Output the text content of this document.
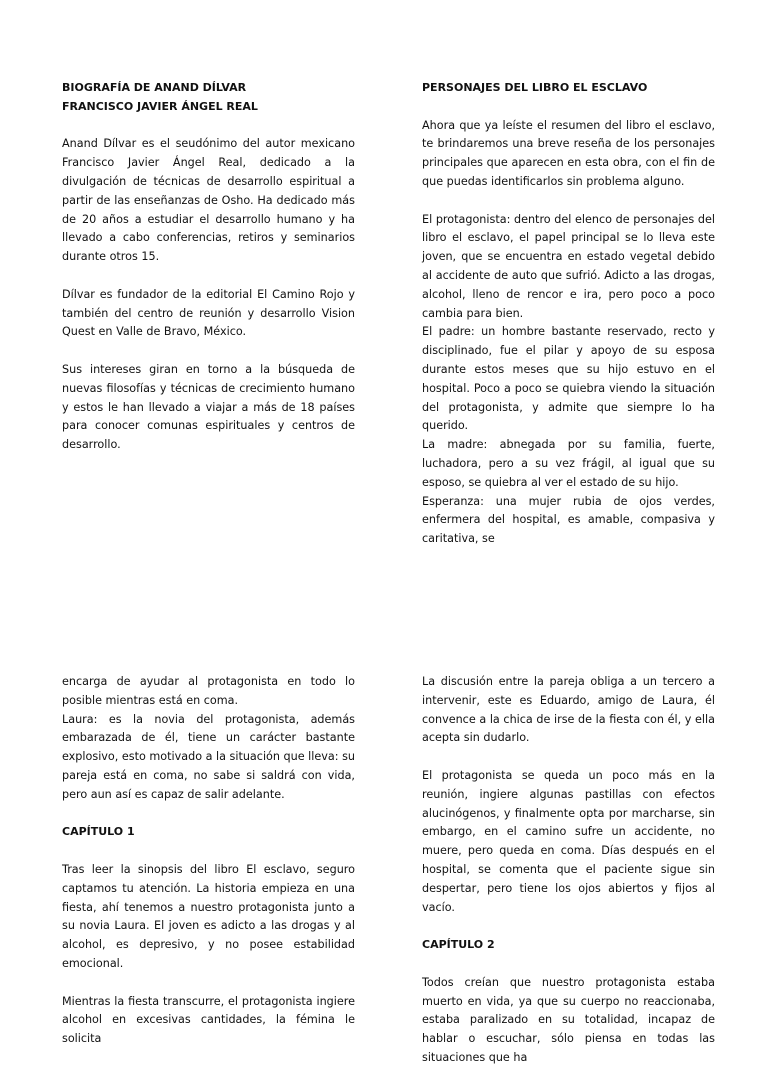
BIOGRAFÍA DE ANAND DÍLVAR

FRANCISCO JAVIER ÁNGEL REAL

Anand Dílvar es el seudónimo del autor mexicano Francisco Javier Ángel Real, dedicado a la divulgación de técnicas de desarrollo espiritual a partir de las enseñanzas de Osho. Ha dedicado más de 20 años a estudiar el desarrollo humano y ha llevado a cabo conferencias, retiros y seminarios durante otros 15.

Dílvar es fundador de la editorial El Camino Rojo y también del centro de reunión y desarrollo Vision Quest en Valle de Bravo, México.

Sus intereses giran en torno a la búsqueda de nuevas filosofías y técnicas de crecimiento humano y estos le han llevado a viajar a más de 18 países para conocer comunas espirituales y centros de desarrollo.

PERSONAJES DEL LIBRO EL ESCLAVO

Ahora que ya leíste el resumen del libro el esclavo, te brindaremos una breve reseña de los personajes principales que aparecen en esta obra, con el fin de que puedas identificarlos sin problema alguno.

El protagonista: dentro del elenco de personajes del libro el esclavo, el papel principal se lo lleva este joven, que se encuentra en estado vegetal debido al accidente de auto que sufrió. Adicto a las drogas, alcohol, lleno de rencor e ira, pero poco a poco cambia para bien.

El padre: un hombre bastante reservado, recto y disciplinado, fue el pilar y apoyo de su esposa durante estos meses que su hijo estuvo en el hospital. Poco a poco se quiebra viendo la situación del protagonista, y admite que siempre lo ha querido.

La madre: abnegada por su familia, fuerte, luchadora, pero a su vez frágil, al igual que su esposo, se quiebra al ver el estado de su hijo.

Esperanza: una mujer rubia de ojos verdes, enfermera del hospital, es amable, compasiva y caritativa, se

encarga de ayudar al protagonista en todo lo posible mientras está en coma.

Laura: es la novia del protagonista, además embarazada de él, tiene un carácter bastante explosivo, esto motivado a la situación que lleva: su pareja está en coma, no sabe si saldrá con vida, pero aun así es capaz de salir adelante.

CAPÍTULO 1

Tras leer la sinopsis del libro El esclavo, seguro captamos tu atención. La historia empieza en una fiesta, ahí tenemos a nuestro protagonista junto a su novia Laura. El joven es adicto a las drogas y al alcohol, es depresivo, y no posee estabilidad emocional.

Mientras la fiesta transcurre, el protagonista ingiere alcohol en excesivas cantidades, la fémina le solicita

La discusión entre la pareja obliga a un tercero a intervenir, este es Eduardo, amigo de Laura, él convence a la chica de irse de la fiesta con él, y ella acepta sin dudarlo.

El protagonista se queda un poco más en la reunión, ingiere algunas pastillas con efectos alucinógenos, y finalmente opta por marcharse, sin embargo, en el camino sufre un accidente, no muere, pero queda en coma. Días después en el hospital, se comenta que el paciente sigue sin despertar, pero tiene los ojos abiertos y fijos al vacío.

CAPÍTULO 2

Todos creían que nuestro protagonista estaba muerto en vida, ya que su cuerpo no reaccionaba, estaba paralizado en su totalidad, incapaz de hablar o escuchar, sólo piensa en todas las situaciones que ha
